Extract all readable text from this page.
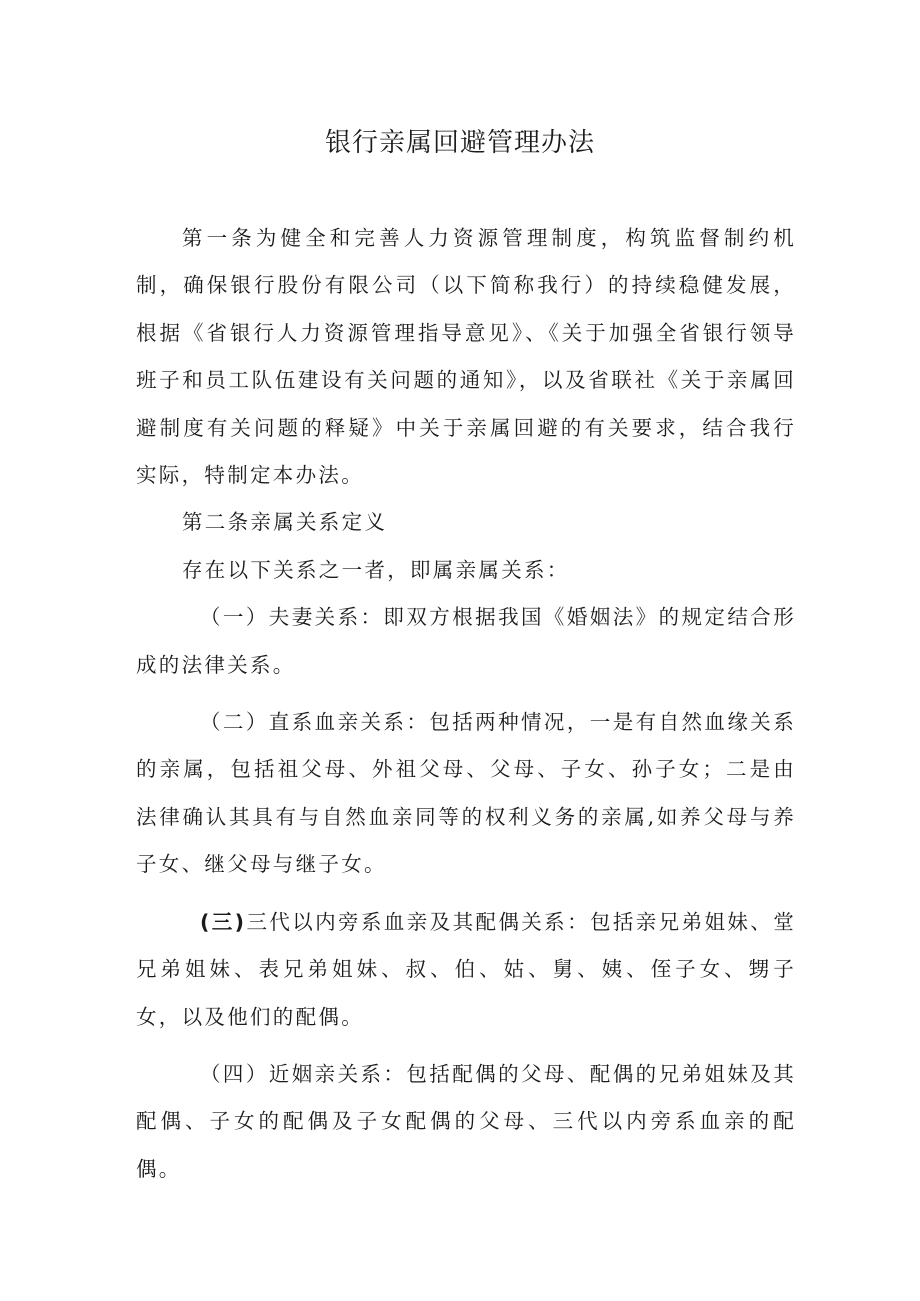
银行亲属回避管理办法

第一条为健全和完善人力资源管理制度，构筑监督制约机制，确保银行股份有限公司（以下简称我行）的持续稳健发展，根据《省银行人力资源管理指导意见》、《关于加强全省银行领导班子和员工队伍建设有关问题的通知》，以及省联社《关于亲属回避制度有关问题的释疑》中关于亲属回避的有关要求，结合我行实际，特制定本办法。

第二条亲属关系定义

存在以下关系之一者，即属亲属关系：

（一）夫妻关系：即双方根据我国《婚姻法》的规定结合形成的法律关系。

（二）直系血亲关系：包括两种情况，一是有自然血缘关系的亲属，包括祖父母、外祖父母、父母、子女、孙子女；二是由法律确认其具有与自然血亲同等的权利义务的亲属,如养父母与养子女、继父母与继子女。

(三)三代以内旁系血亲及其配偶关系：包括亲兄弟姐妹、堂兄弟姐妹、表兄弟姐妹、叔、伯、姑、舅、姨、侄子女、甥子女，以及他们的配偶。

（四）近姻亲关系：包括配偶的父母、配偶的兄弟姐妹及其配偶、子女的配偶及子女配偶的父母、三代以内旁系血亲的配偶。
